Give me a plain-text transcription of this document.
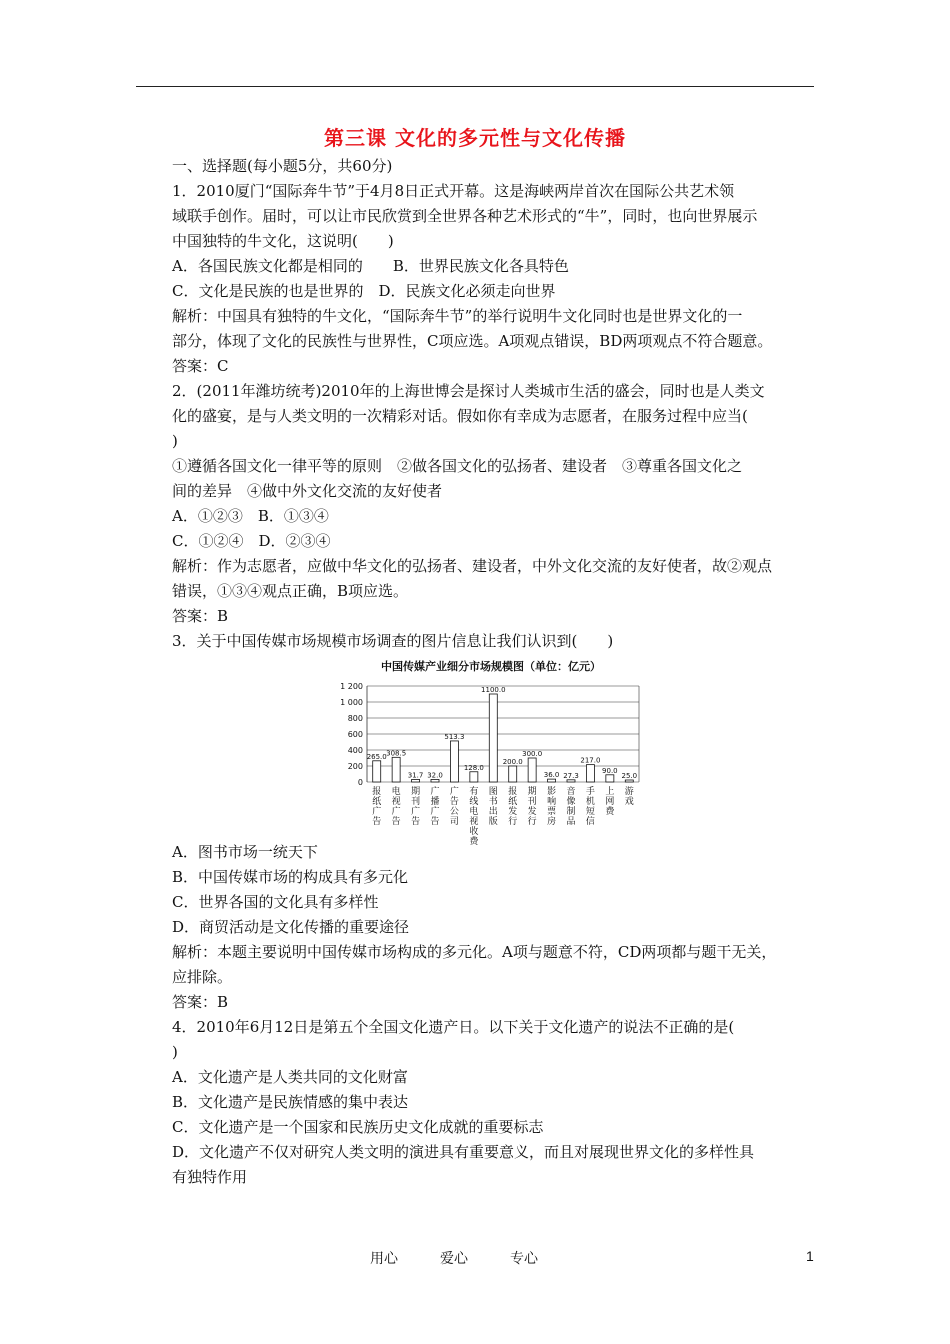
第三课 文化的多元性与文化传播
一、选择题(每小题5分，共60分)
1．2010厦门“国际奔牛节”于4月8日正式开幕。这是海峡两岸首次在国际公共艺术领
域联手创作。届时，可以让市民欣赏到全世界各种艺术形式的“牛”，同时，也向世界展示
中国独特的牛文化，这说明(　　)
A．各国民族文化都是相同的　　B．世界民族文化各具特色
C．文化是民族的也是世界的　D．民族文化必须走向世界
解析：中国具有独特的牛文化，“国际奔牛节”的举行说明牛文化同时也是世界文化的一
部分，体现了文化的民族性与世界性，C项应选。A项观点错误，BD两项观点不符合题意。
答案：C
2．(2011年潍坊统考)2010年的上海世博会是探讨人类城市生活的盛会，同时也是人类文
化的盛宴，是与人类文明的一次精彩对话。假如你有幸成为志愿者，在服务过程中应当(
)
①遵循各国文化一律平等的原则　②做各国文化的弘扬者、建设者　③尊重各国文化之
间的差异　④做中外文化交流的友好使者
A．①②③　B．①③④
C．①②④　D．②③④
解析：作为志愿者，应做中华文化的弘扬者、建设者，中外文化交流的友好使者，故②观点
错误，①③④观点正确，B项应选。
答案：B
3．关于中国传媒市场规模市场调查的图片信息让我们认识到(　　)
中国传媒产业细分市场规模图（单位：亿元）
0
200
400
600
800
1 000
1 200
265.0
报
纸
广
告
308.5
电
视
广
告
31.7
期
刊
广
告
32.0
广
播
广
告
513.3
广
告
公
司
128.0
有
线
电
视
收
费
1100.0
图
书
出
版
200.0
报
纸
发
行
300.0
期
刊
发
行
36.0
影
响
票
房
27.3
音
像
制
品
217.0
手
机
短
信
90.0
上
网
费
25.0
游
戏
A．图书市场一统天下
B．中国传媒市场的构成具有多元化
C．世界各国的文化具有多样性
D．商贸活动是文化传播的重要途径
解析：本题主要说明中国传媒市场构成的多元化。A项与题意不符，CD两项都与题干无关，
应排除。
答案：B
4．2010年6月12日是第五个全国文化遗产日。以下关于文化遗产的说法不正确的是(
)
A．文化遗产是人类共同的文化财富
B．文化遗产是民族情感的集中表达
C．文化遗产是一个国家和民族历史文化成就的重要标志
D．文化遗产不仅对研究人类文明的演进具有重要意义，而且对展现世界文化的多样性具
有独特作用
用心　　　爱心　　　专心	1
